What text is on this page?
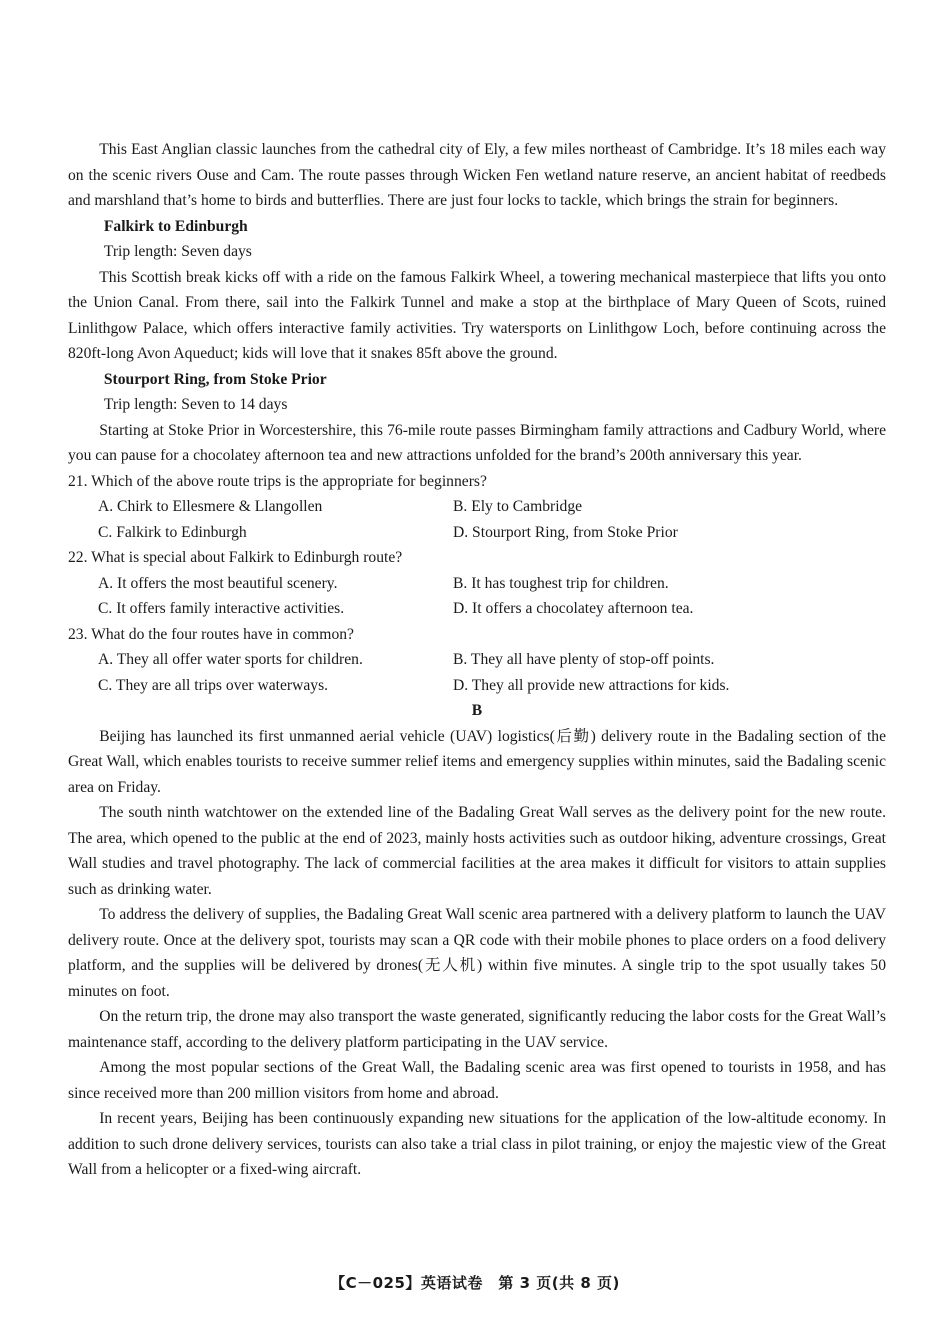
This East Anglian classic launches from the cathedral city of Ely, a few miles northeast of Cambridge. It’s 18 miles each way on the scenic rivers Ouse and Cam. The route passes through Wicken Fen wetland nature reserve, an ancient habitat of reedbeds and marshland that’s home to birds and butterflies. There are just four locks to tackle, which brings the strain for beginners.

Falkirk to Edinburgh
Trip length: Seven days

This Scottish break kicks off with a ride on the famous Falkirk Wheel, a towering mechanical masterpiece that lifts you onto the Union Canal. From there, sail into the Falkirk Tunnel and make a stop at the birthplace of Mary Queen of Scots, ruined Linlithgow Palace, which offers interactive family activities. Try watersports on Linlithgow Loch, before continuing across the 820ft-long Avon Aqueduct; kids will love that it snakes 85ft above the ground.

Stourport Ring, from Stoke Prior
Trip length: Seven to 14 days

Starting at Stoke Prior in Worcestershire, this 76-mile route passes Birmingham family attractions and Cadbury World, where you can pause for a chocolatey afternoon tea and new attractions unfolded for the brand’s 200th anniversary this year.

21. Which of the above route trips is the appropriate for beginners?
A. Chirk to Ellesmere & Llangollen	B. Ely to Cambridge
C. Falkirk to Edinburgh	D. Stourport Ring, from Stoke Prior
22. What is special about Falkirk to Edinburgh route?
A. It offers the most beautiful scenery.	B. It has toughest trip for children.
C. It offers family interactive activities.	D. It offers a chocolatey afternoon tea.
23. What do the four routes have in common?
A. They all offer water sports for children.	B. They all have plenty of stop-off points.
C. They are all trips over waterways.	D. They all provide new attractions for kids.
B

Beijing has launched its first unmanned aerial vehicle (UAV) logistics(后勤) delivery route in the Badaling section of the Great Wall, which enables tourists to receive summer relief items and emergency supplies within minutes, said the Badaling scenic area on Friday.

The south ninth watchtower on the extended line of the Badaling Great Wall serves as the delivery point for the new route. The area, which opened to the public at the end of 2023, mainly hosts activities such as outdoor hiking, adventure crossings, Great Wall studies and travel photography. The lack of commercial facilities at the area makes it difficult for visitors to attain supplies such as drinking water.

To address the delivery of supplies, the Badaling Great Wall scenic area partnered with a delivery platform to launch the UAV delivery route. Once at the delivery spot, tourists may scan a QR code with their mobile phones to place orders on a food delivery platform, and the supplies will be delivered by drones(无人机) within five minutes. A single trip to the spot usually takes 50 minutes on foot.

On the return trip, the drone may also transport the waste generated, significantly reducing the labor costs for the Great Wall’s maintenance staff, according to the delivery platform participating in the UAV service.

Among the most popular sections of the Great Wall, the Badaling scenic area was first opened to tourists in 1958, and has since received more than 200 million visitors from home and abroad.

In recent years, Beijing has been continuously expanding new situations for the application of the low-altitude economy. In addition to such drone delivery services, tourists can also take a trial class in pilot training, or enjoy the majestic view of the Great Wall from a helicopter or a fixed-wing aircraft.

【C－025】英语试卷　第 3 页(共 8 页)
